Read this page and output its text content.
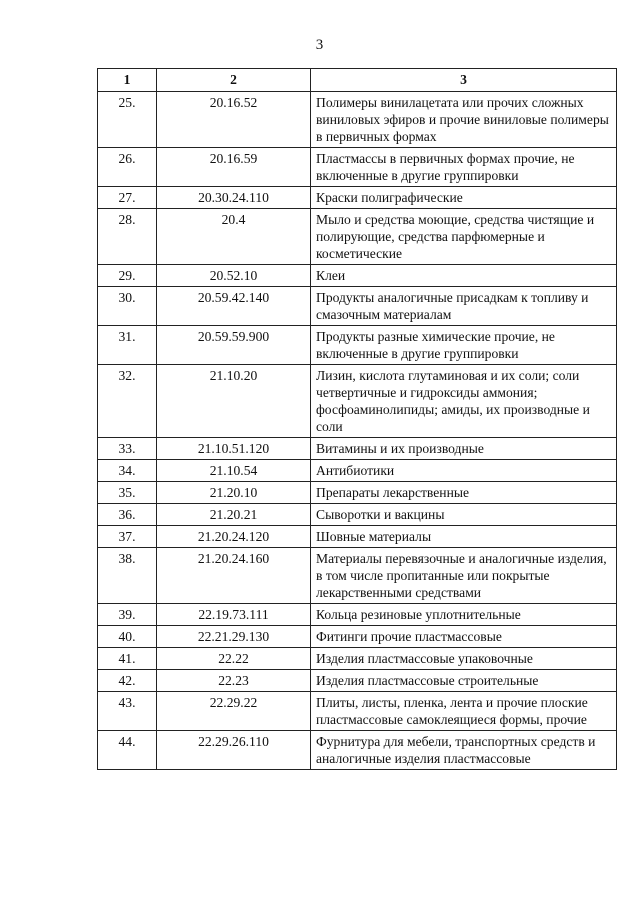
3
1	2	3
25.	20.16.52	Полимеры винилацетата или прочих сложных виниловых эфиров и прочие виниловые полимеры в первичных формах
26.	20.16.59	Пластмассы в первичных формах прочие, не включенные в другие группировки
27.	20.30.24.110	Краски полиграфические
28.	20.4	Мыло и средства моющие, средства чистящие и полирующие, средства парфюмерные и косметические
29.	20.52.10	Клеи
30.	20.59.42.140	Продукты аналогичные присадкам к топливу и смазочным материалам
31.	20.59.59.900	Продукты разные химические прочие, не включенные в другие группировки
32.	21.10.20	Лизин, кислота глутаминовая и их соли; соли четвертичные и гидроксиды аммония; фосфоаминолипиды; амиды, их производные и соли
33.	21.10.51.120	Витамины и их производные
34.	21.10.54	Антибиотики
35.	21.20.10	Препараты лекарственные
36.	21.20.21	Сыворотки и вакцины
37.	21.20.24.120	Шовные материалы
38.	21.20.24.160	Материалы перевязочные и аналогичные изделия, в том числе пропитанные или покрытые лекарственными средствами
39.	22.19.73.111	Кольца резиновые уплотнительные
40.	22.21.29.130	Фитинги прочие пластмассовые
41.	22.22	Изделия пластмассовые упаковочные
42.	22.23	Изделия пластмассовые строительные
43.	22.29.22	Плиты, листы, пленка, лента и прочие плоские пластмассовые самоклеящиеся формы, прочие
44.	22.29.26.110	Фурнитура для мебели, транспортных средств и аналогичные изделия пластмассовые
